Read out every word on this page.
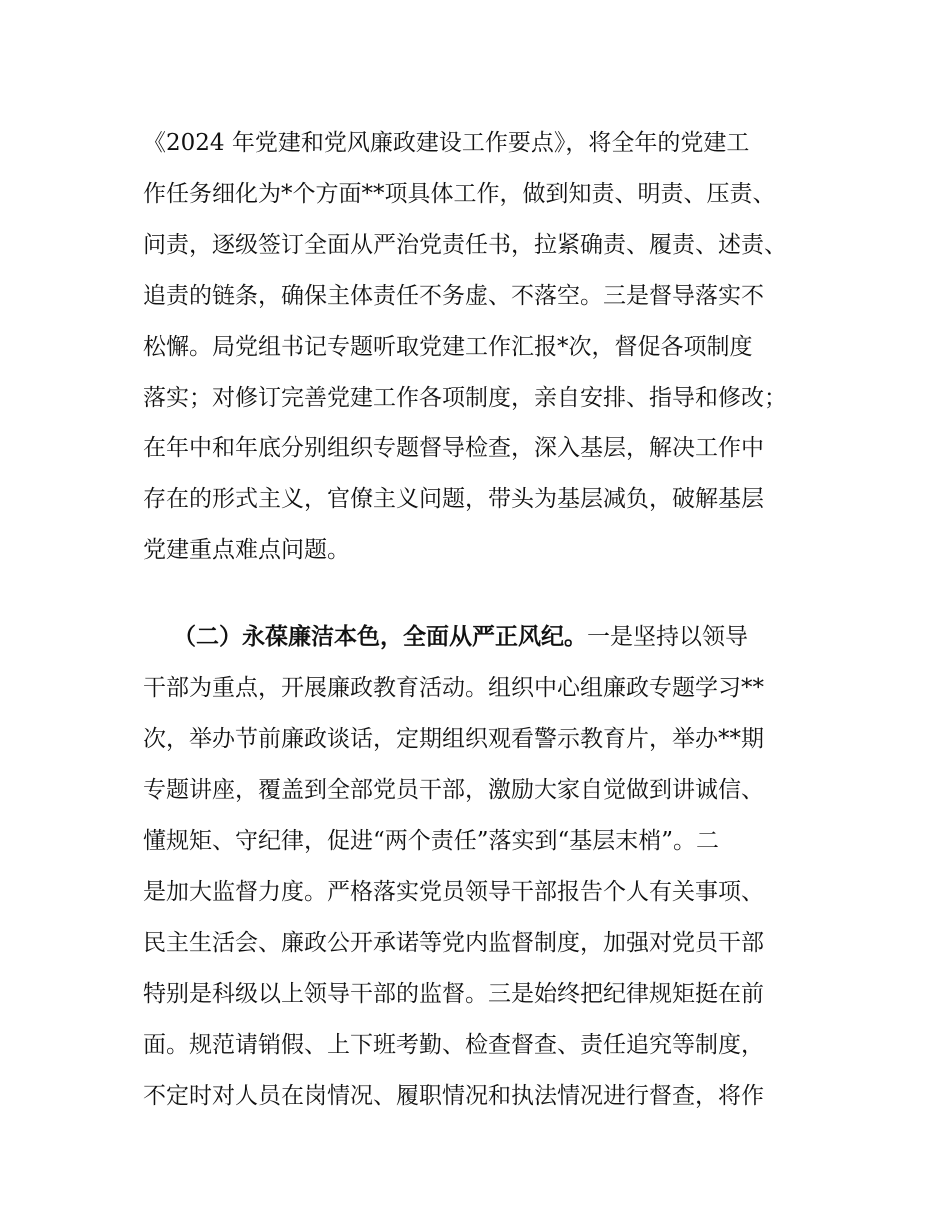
《2024 年党建和党风廉政建设工作要点》，将全年的党建工

作任务细化为*个方面**项具体工作，做到知责、明责、压责、

问责，逐级签订全面从严治党责任书，拉紧确责、履责、述责、

追责的链条，确保主体责任不务虚、不落空。三是督导落实不

松懈。局党组书记专题听取党建工作汇报*次，督促各项制度

落实；对修订完善党建工作各项制度，亲自安排、指导和修改；

在年中和年底分别组织专题督导检查，深入基层，解决工作中

存在的形式主义，官僚主义问题，带头为基层减负，破解基层

党建重点难点问题。

（二）永葆廉洁本色，全面从严正风纪。一是坚持以领导

干部为重点，开展廉政教育活动。组织中心组廉政专题学习**

次，举办节前廉政谈话，定期组织观看警示教育片，举办**期

专题讲座，覆盖到全部党员干部，激励大家自觉做到讲诚信、

懂规矩、守纪律，促进“两个责任”落实到“基层末梢”。二

是加大监督力度。严格落实党员领导干部报告个人有关事项、

民主生活会、廉政公开承诺等党内监督制度，加强对党员干部

特别是科级以上领导干部的监督。三是始终把纪律规矩挺在前

面。规范请销假、上下班考勤、检查督查、责任追究等制度，

不定时对人员在岗情况、履职情况和执法情况进行督查，将作
